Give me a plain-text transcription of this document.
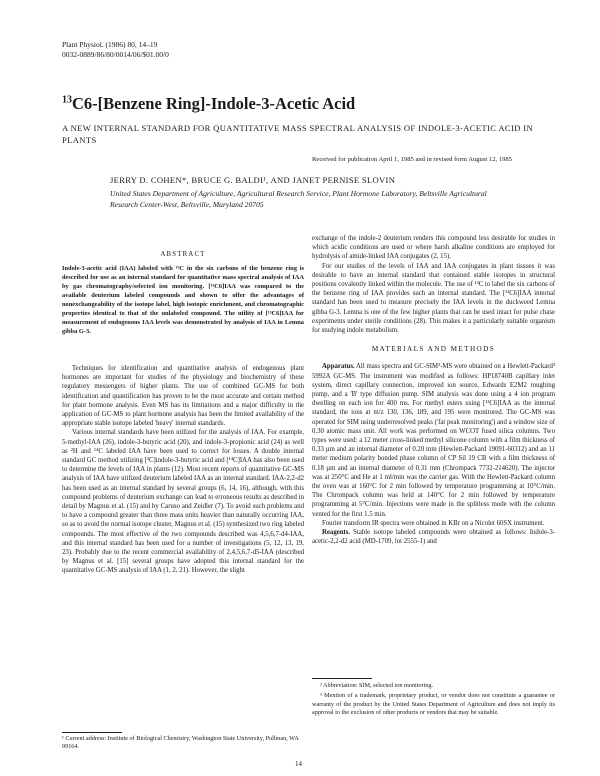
Plant Physiol. (1986) 80, 14–19
0032-0889/86/80/0014/06/$01.00/0
$^{13}$C6-[Benzene Ring]-Indole-3-Acetic Acid
A NEW INTERNAL STANDARD FOR QUANTITATIVE MASS SPECTRAL ANALYSIS OF INDOLE-3-ACETIC ACID IN PLANTS
Received for publication April 1, 1985 and in revised form August 12, 1985
JERRY D. COHEN*, BRUCE G. BALDI¹, AND JANET PERNISE SLOVIN
United States Department of Agriculture, Agricultural Research Service, Plant Hormone Laboratory, Beltsville Agricultural Research Center-West, Beltsville, Maryland 20705
ABSTRACT
Indole-3-acetic acid (IAA) labeled with ¹³C in the six carbons of the benzene ring is described for use as an internal standard for quantitative mass spectral analysis of IAA by gas chromatography/selected ion monitoring. [¹³C6]IAA was compared to the available deuterium labeled compounds and shown to offer the advantages of nonexchangeability of the isotope label, high isotopic enrichment, and chromatographic properties identical to that of the unlabeled compound. The utility of [¹³C6]IAA for measurement of endogenous IAA levels was demonstrated by analysis of IAA in Lemna gibba G-3.

Techniques for identification and quantitative analysis of endogenous plant hormones are important for studies of the physiology and biochemistry of these regulatory messengers of higher plants. The use of combined GC-MS for both identification and quantification has proven to be the most accurate and certain method for plant hormone analysis. Even MS has its limitations and a major difficulty in the application of GC-MS to plant hormone analysis has been the limited availability of the appropriate stable isotope labeled 'heavy' internal standards.

Various internal standards have been utilized for the analysis of IAA. For example, 5-methyl-IAA (26), indole-3-butyric acid (20), and indole-3-propionic acid (24) as well as ²H and ¹⁴C labeled IAA have been used to correct for losses. A double internal standard GC method utilizing [³C]indole-3-butyric acid and [¹⁴C]IAA has also been used to determine the levels of IAA in plants (12). Most recent reports of quantitative GC-MS analysis of IAA have utilized deuterium labeled IAA as an internal standard. IAA-2,2-d2 has been used as an internal standard by several groups (6, 14, 16), although, with this compound problems of deuterium exchange can lead to erroneous results as described in detail by Magnus et al. (15) and by Caruso and Zeidler (7). To avoid such problems and to have a compound greater than three mass units heavier than naturally occurring IAA, so as to avoid the normal isotope cluster, Magnus et al. (15) synthesized two ring labeled compounds. The most effective of the two compounds described was 4,5,6,7-d4-IAA, and this internal standard has been used for a number of investigations (5, 12, 13, 19, 23). Probably due to the recent commercial availability of 2,4,5,6,7-d5-IAA (described by Magnus et al. [15] several groups have adopted this internal standard for the quantitative GC-MS analysis of IAA (1, 2, 21). However, the slight

exchange of the indole-2 deuterium renders this compound less desirable for studies in which acidic conditions are used or where harsh alkaline conditions are employed for hydrolysis of amide-linked IAA conjugates (2, 15).

For our studies of the levels of IAA and IAA conjugates in plant tissues it was desirable to have an internal standard that contained stable isotopes in structural positions covalently linked within the molecule. The use of ¹³C to label the six carbons of the benzene ring of IAA provides such an internal standard. The [¹³C6]IAA internal standard has been used to measure precisely the IAA levels in the duckweed Lemna gibba G-3. Lemna is one of the few higher plants that can be used intact for pulse chase experiments under sterile conditions (28). This makes it a particularly suitable organism for studying indole metabolism.

MATERIALS AND METHODS

Apparatus. All mass spectra and GC-SIM²-MS were obtained on a Hewlett-Packard³ 5992A GC-MS. The instrument was modified as follows: HP18740B capillary inlet system, direct capillary connection, improved ion source, Edwards E2M2 roughing pump, and a 'B' type diffusion pump. SIM analysis was done using a 4 ion program dwelling on each ion for 400 ms. For methyl esters using [¹³C6]IAA as the internal standard, the ions at m/z 130, 136, 189, and 195 were monitored. The GC-MS was operated for SIM using underresolved peaks ('fat peak monitoring') and a window size of 0.30 atomic mass unit. All work was performed on WCOT fused silica columns. Two types were used: a 12 meter cross-linked methyl silicone column with a film thickness of 0.33 µm and an internal diameter of 0.20 mm (Hewlett-Packard 19091-60312) and an 11 meter medium polarity bonded phase column of CP Sil 19 CB with a film thickness of 0.18 µm and an internal diameter of 0.31 mm (Chrompack 7732-214620). The injector was at 250°C and He at 1 ml/min was the carrier gas. With the Hewlett-Packard column the oven was at 160°C for 2 min followed by temperature programming at 10°C/min. The Chrompack column was held at 140°C for 2 min followed by temperature programming at 5°C/min. Injections were made in the splitless mode with the column vented for the first 1.5 min.

Fourier transform IR spectra were obtained in KBr on a Nicolet 60SX instrument.

Reagents. Stable isotope labeled compounds were obtained as follows: Indole-3-acetic-2,2-d2 acid (MD-1709, lot 2555-1) and

¹ Current address: Institute of Biological Chemistry, Washington State University, Pullman, WA 99164.

² Abbreviation: SIM, selected ion monitoring.

³ Mention of a trademark, proprietary product, or vendor does not constitute a guarantee or warranty of the product by the United States Department of Agriculture and does not imply its approval to the exclusion of other products or vendors that may be suitable.

14
